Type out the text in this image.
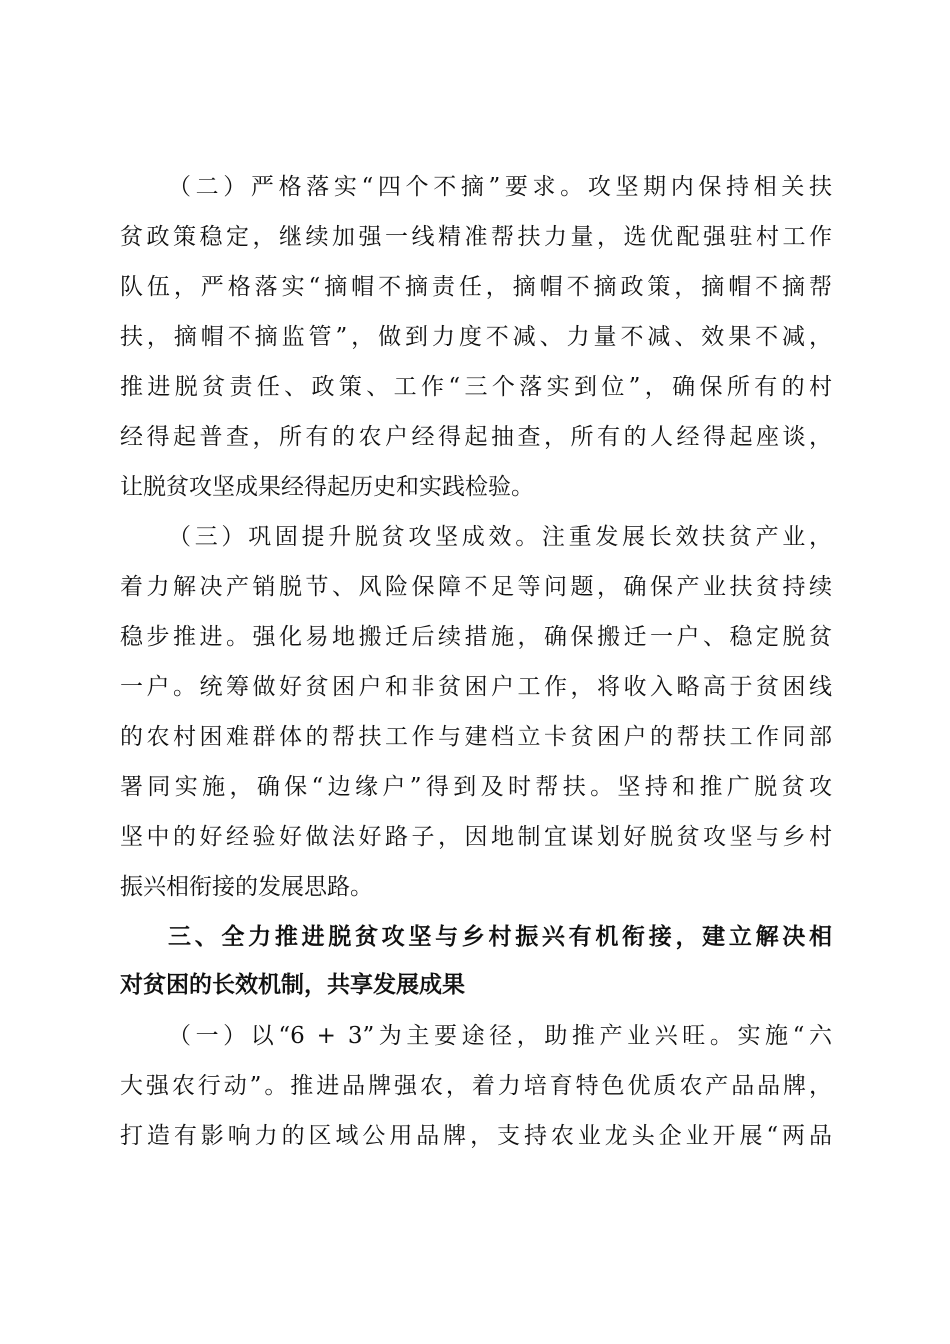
（二）严格落实“四个不摘”要求。攻坚期内保持相关扶
贫政策稳定，继续加强一线精准帮扶力量，选优配强驻村工作
队伍，严格落实“摘帽不摘责任，摘帽不摘政策，摘帽不摘帮
扶，摘帽不摘监管”，做到力度不减、力量不减、效果不减，
推进脱贫责任、政策、工作“三个落实到位”，确保所有的村
经得起普查，所有的农户经得起抽查，所有的人经得起座谈，
让脱贫攻坚成果经得起历史和实践检验。
（三）巩固提升脱贫攻坚成效。注重发展长效扶贫产业，
着力解决产销脱节、风险保障不足等问题，确保产业扶贫持续
稳步推进。强化易地搬迁后续措施，确保搬迁一户、稳定脱贫
一户。统筹做好贫困户和非贫困户工作，将收入略高于贫困线
的农村困难群体的帮扶工作与建档立卡贫困户的帮扶工作同部
署同实施，确保“边缘户”得到及时帮扶。坚持和推广脱贫攻
坚中的好经验好做法好路子，因地制宜谋划好脱贫攻坚与乡村
振兴相衔接的发展思路。
三、全力推进脱贫攻坚与乡村振兴有机衔接，建立解决相
对贫困的长效机制，共享发展成果
（一）以“6 + 3”为主要途径，助推产业兴旺。实施“六
大强农行动”。推进品牌强农，着力培育特色优质农产品品牌，
打造有影响力的区域公用品牌，支持农业龙头企业开展“两品
